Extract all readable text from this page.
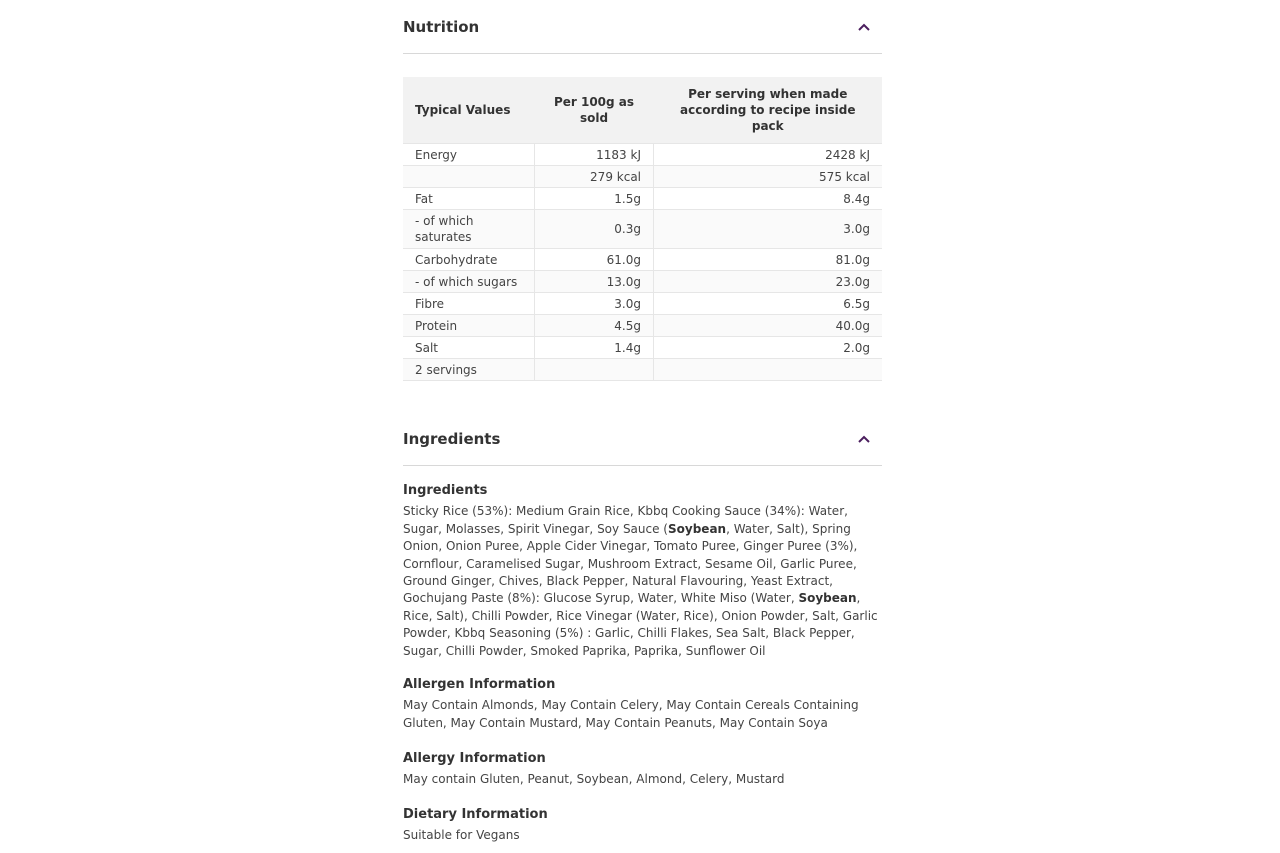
Nutrition
Typical Values	Per 100g as sold	Per serving when made according to recipe inside pack
Energy	1183 kJ	2428 kJ
	279 kcal	575 kcal
Fat	1.5g	8.4g
- of which saturates	0.3g	3.0g
Carbohydrate	61.0g	81.0g
- of which sugars	13.0g	23.0g
Fibre	3.0g	6.5g
Protein	4.5g	40.0g
Salt	1.4g	2.0g
2 servings		
Ingredients
Ingredients

Sticky Rice (53%): Medium Grain Rice, Kbbq Cooking Sauce (34%): Water, Sugar, Molasses, Spirit Vinegar, Soy Sauce (Soybean, Water, Salt), Spring Onion, Onion Puree, Apple Cider Vinegar, Tomato Puree, Ginger Puree (3%), Cornflour, Caramelised Sugar, Mushroom Extract, Sesame Oil, Garlic Puree, Ground Ginger, Chives, Black Pepper, Natural Flavouring, Yeast Extract, Gochujang Paste (8%): Glucose Syrup, Water, White Miso (Water, Soybean, Rice, Salt), Chilli Powder, Rice Vinegar (Water, Rice), Onion Powder, Salt, Garlic Powder, Kbbq Seasoning (5%) : Garlic, Chilli Flakes, Sea Salt, Black Pepper, Sugar, Chilli Powder, Smoked Paprika, Paprika, Sunflower Oil

Allergen Information

May Contain Almonds, May Contain Celery, May Contain Cereals Containing Gluten, May Contain Mustard, May Contain Peanuts, May Contain Soya

Allergy Information

May contain Gluten, Peanut, Soybean, Almond, Celery, Mustard

Dietary Information

Suitable for Vegans
